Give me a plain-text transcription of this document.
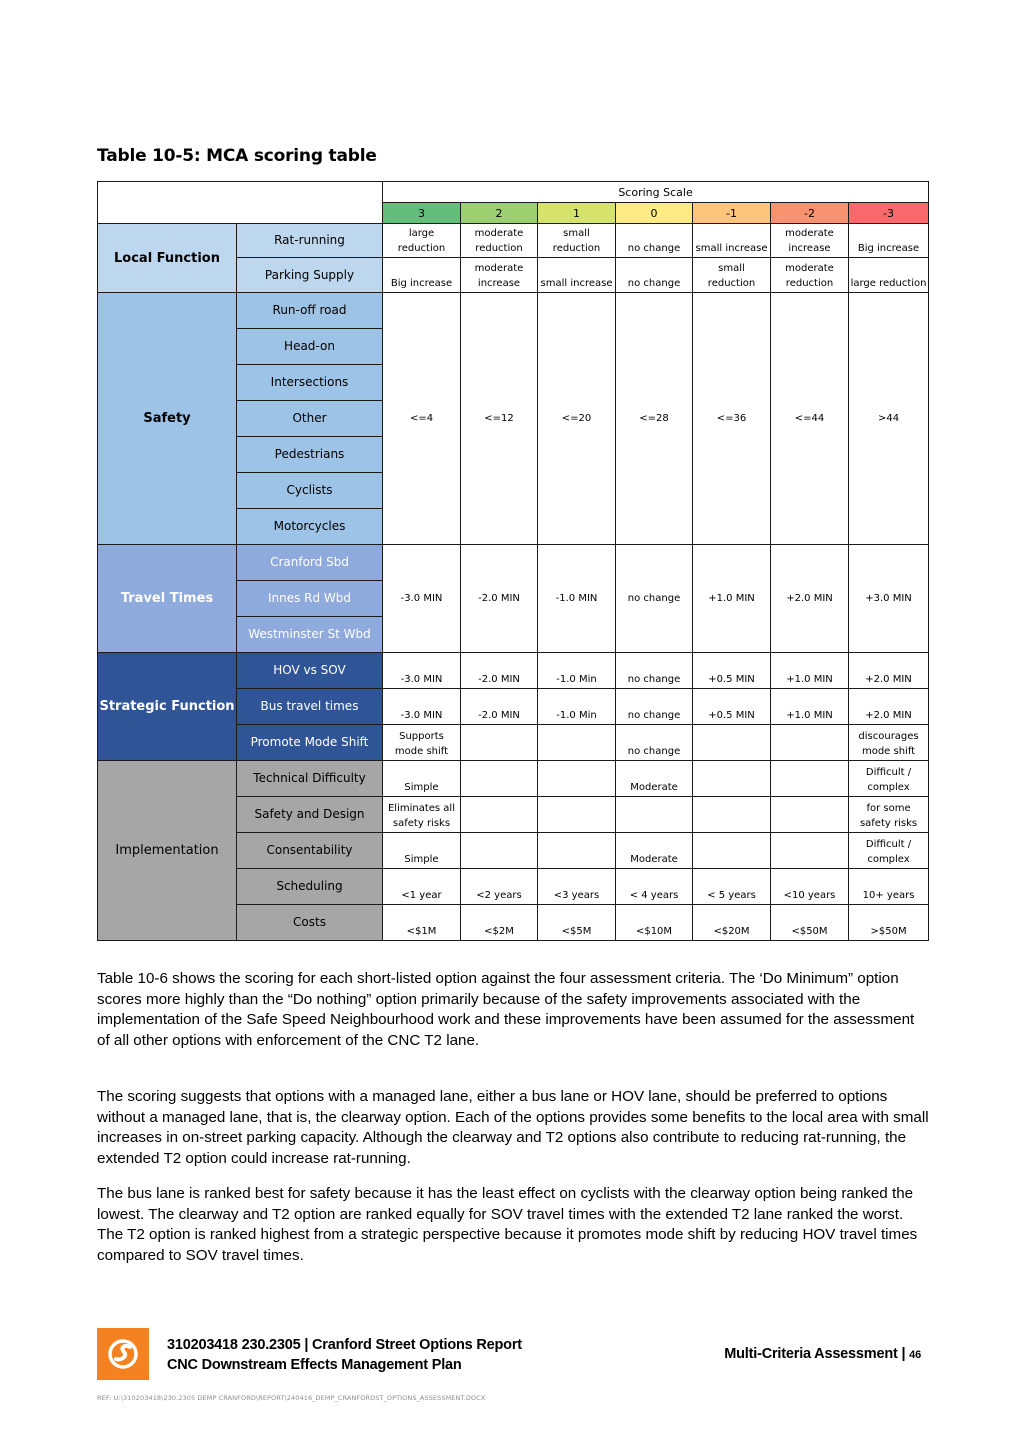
Table 10-5: MCA scoring table
		Scoring Scale						
		3	2	1	0	-1	-2	-3
Local Function	Rat-running	large reduction	moderate reduction	small reduction	no change	small increase	moderate increase	Big increase
	Parking Supply	Big increase	moderate increase	small increase	no change	small reduction	moderate reduction	large reduction
Safety	Run-off road	<=4	<=12	<=20	<=28	<=36	<=44	>44
	Head-on							
	Intersections							
	Other							
	Pedestrians							
	Cyclists							
	Motorcycles							
Travel Times	Cranford Sbd	-3.0 MIN	-2.0 MIN	-1.0 MIN	no change	+1.0 MIN	+2.0 MIN	+3.0 MIN
	Innes Rd Wbd							
	Westminster St Wbd							
Strategic Function	HOV vs SOV	-3.0 MIN	-2.0 MIN	-1.0 Min	no change	+0.5 MIN	+1.0 MIN	+2.0 MIN
	Bus travel times	-3.0 MIN	-2.0 MIN	-1.0 Min	no change	+0.5 MIN	+1.0 MIN	+2.0 MIN
	Promote Mode Shift	Supports mode shift			no change			discourages mode shift
Implementation	Technical Difficulty	Simple			Moderate			Difficult / complex
	Safety and Design	Eliminates all safety risks						for some safety risks
	Consentability	Simple			Moderate			Difficult / complex
	Scheduling	<1 year	<2 years	<3 years	< 4 years	< 5 years	<10 years	10+ years
	Costs	<$1M	<$2M	<$5M	<$10M	<$20M	<$50M	>$50M
Table 10-6 shows the scoring for each short-listed option against the four assessment criteria. The ‘Do Minimum” option scores more highly than the “Do nothing” option primarily because of the safety improvements associated with the implementation of the Safe Speed Neighbourhood work and these improvements have been assumed for the assessment of all other options with enforcement of the CNC T2 lane.
The scoring suggests that options with a managed lane, either a bus lane or HOV lane, should be preferred to options without a managed lane, that is, the clearway option. Each of the options provides some benefits to the local area with small increases in on-street parking capacity. Although the clearway and T2 options also contribute to reducing rat-running, the extended T2 option could increase rat-running.
The bus lane is ranked best for safety because it has the least effect on cyclists with the clearway option being ranked the lowest. The clearway and T2 option are ranked equally for SOV travel times with the extended T2 lane ranked the worst. The T2 option is ranked highest from a strategic perspective because it promotes mode shift by reducing HOV travel times compared to SOV travel times.
310203418 230.2305 | Cranford Street Options Report
CNC Downstream Effects Management Plan
Multi-Criteria Assessment | 46
REF: U:\310203418\230.2305 DEMP CRANFORD\REPORT\240416_DEMP_CRANFORDST_OPTIONS_ASSESSMENT.DOCX
